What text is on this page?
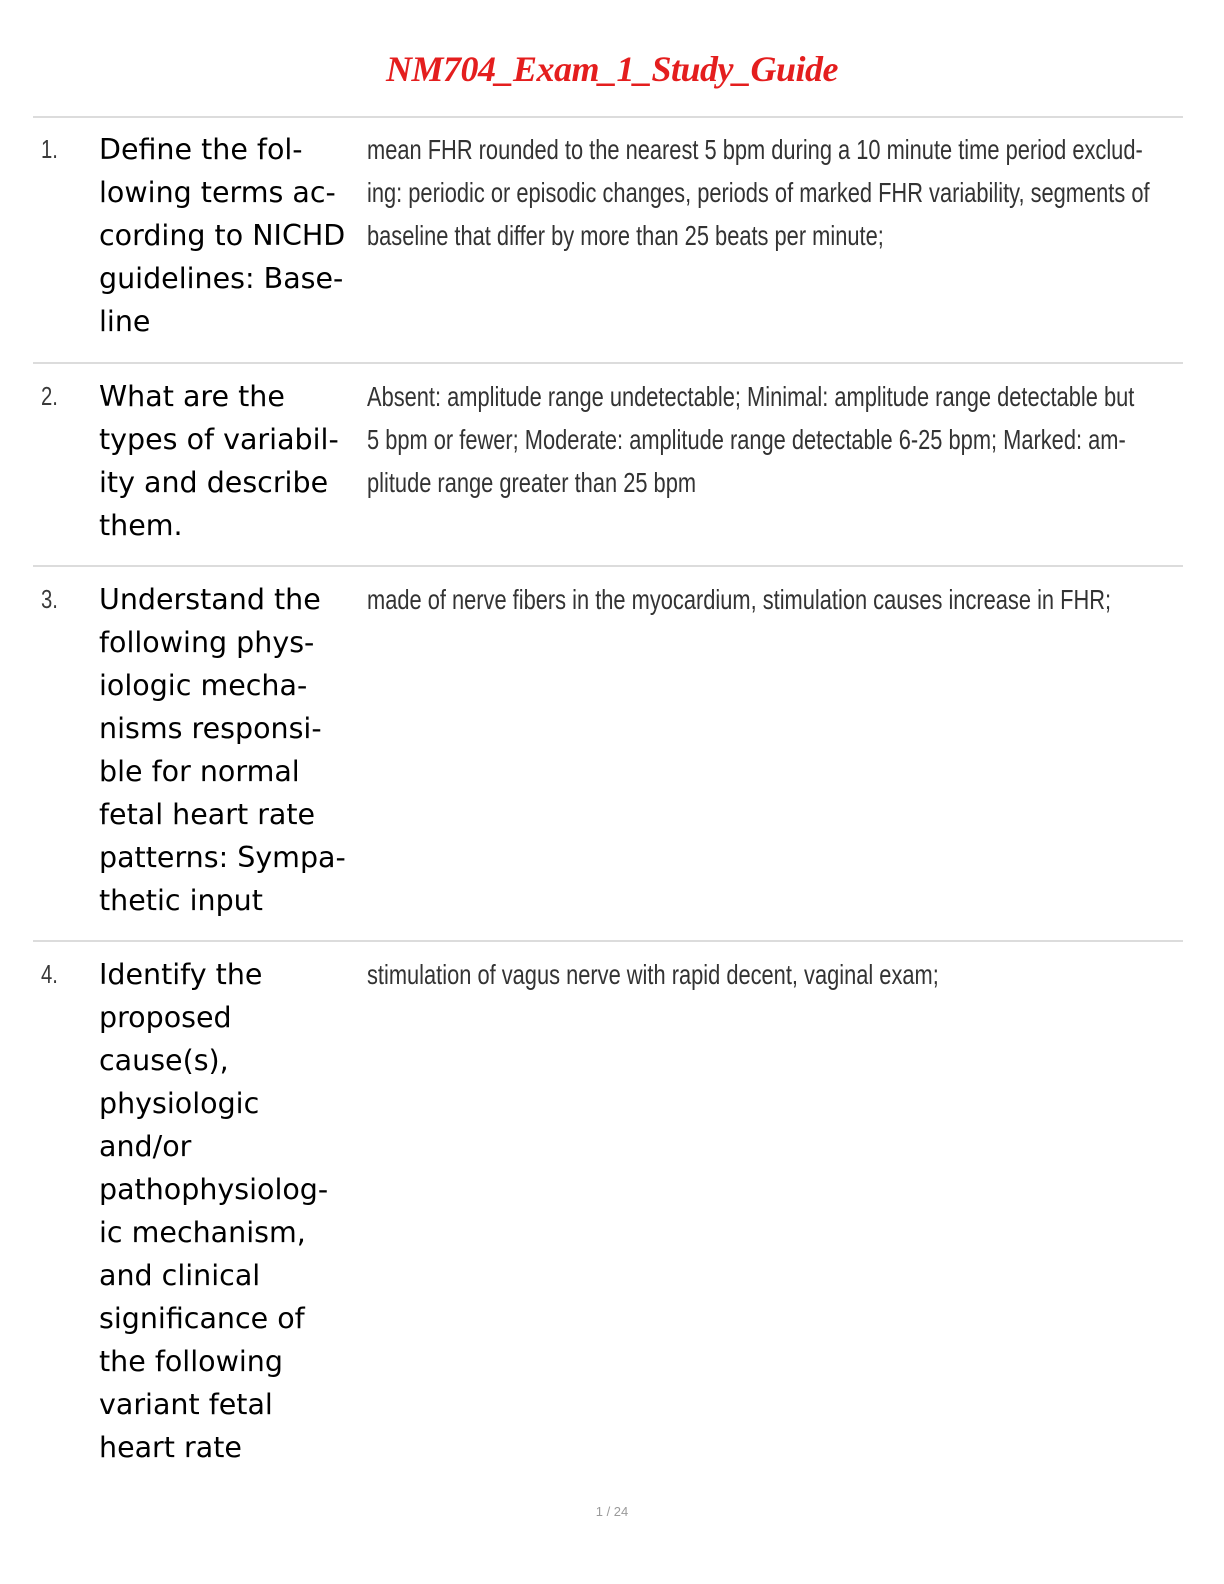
NM704_Exam_1_Study_Guide
1. Define the fol-
lowing terms ac-
cording to NICHD
guidelines: Base-
line
mean FHR rounded to the nearest 5 bpm during a 10 minute time period exclud-
ing: periodic or episodic changes, periods of marked FHR variability, segments of
baseline that differ by more than 25 beats per minute;
2. What are the
types of variabil-
ity and describe
them.
Absent: amplitude range undetectable; Minimal: amplitude range detectable but
5 bpm or fewer; Moderate: amplitude range detectable 6-25 bpm; Marked: am-
plitude range greater than 25 bpm
3. Understand the
following phys-
iologic mecha-
nisms responsi-
ble for normal
fetal heart rate
patterns: Sympa-
thetic input
made of nerve fibers in the myocardium, stimulation causes increase in FHR;
4. Identify the
proposed
cause(s),
physiologic
and/or
pathophysiolog-
ic mechanism,
and clinical
significance of
the following
variant fetal
heart rate
stimulation of vagus nerve with rapid decent, vaginal exam;
1 / 24
